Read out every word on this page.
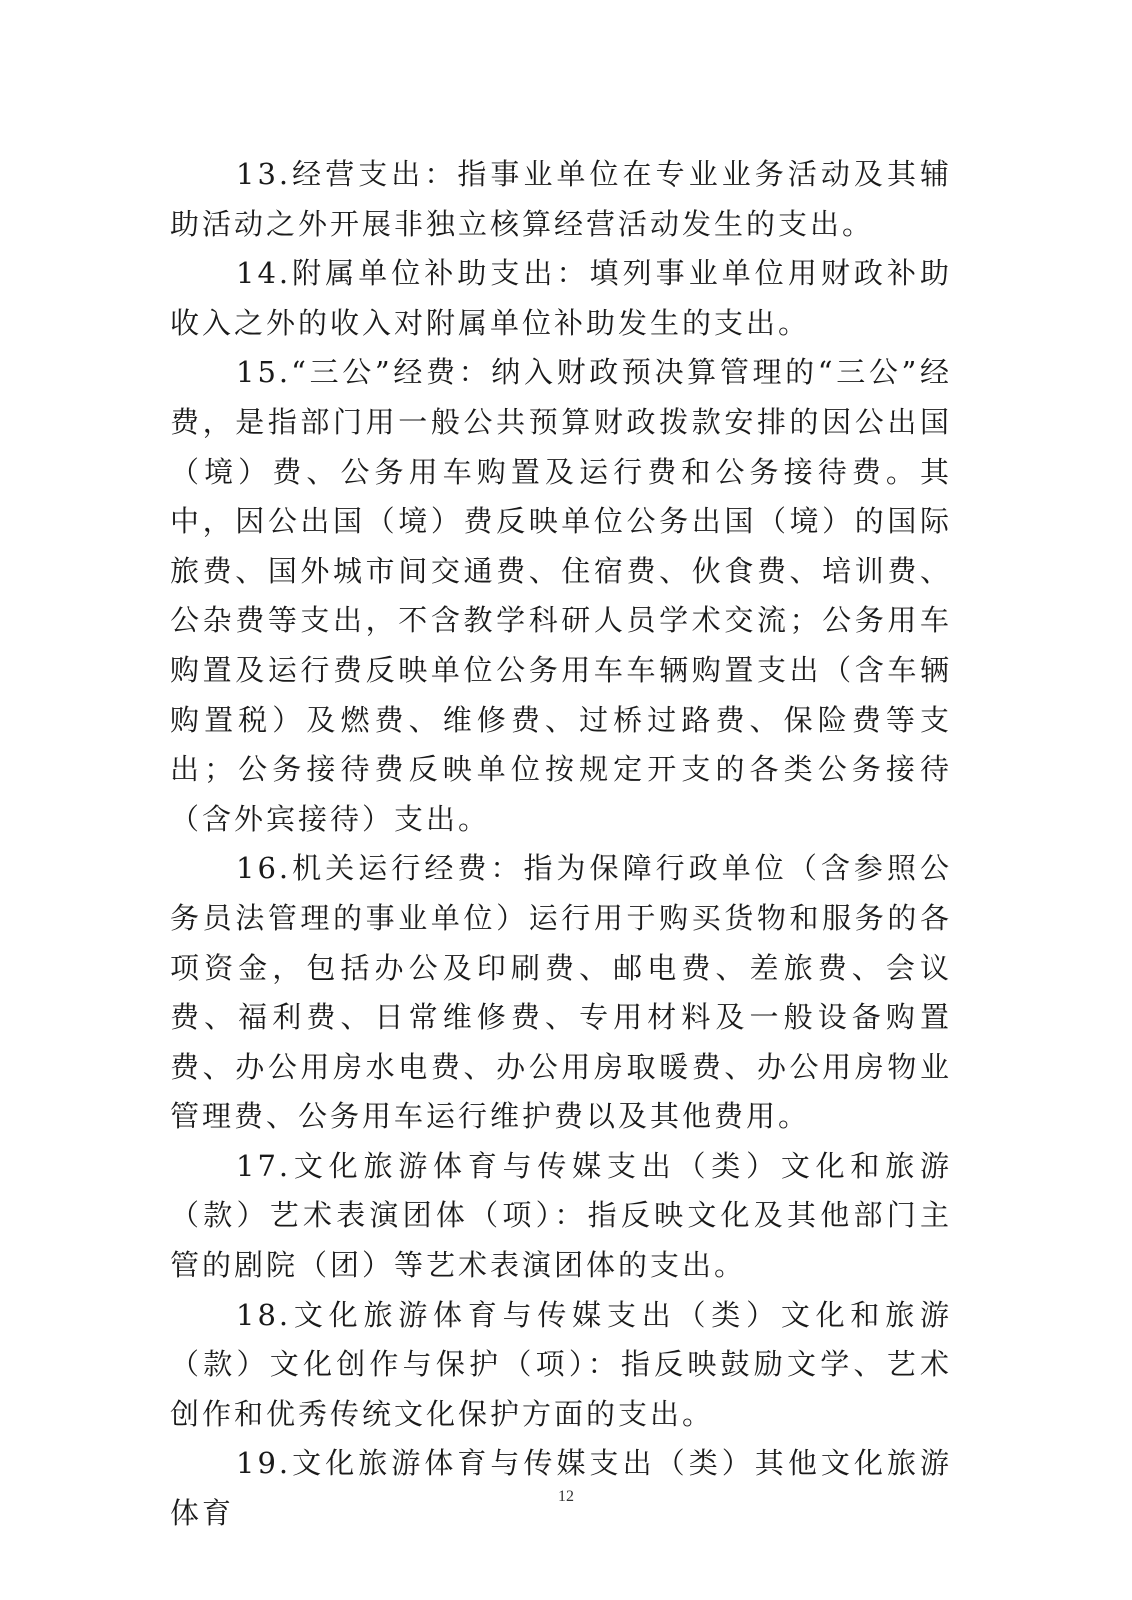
13.经营支出：指事业单位在专业业务活动及其辅助活动之外开展非独立核算经营活动发生的支出。

14.附属单位补助支出：填列事业单位用财政补助收入之外的收入对附属单位补助发生的支出。

15.“三公”经费：纳入财政预决算管理的“三公”经费，是指部门用一般公共预算财政拨款安排的因公出国（境）费、公务用车购置及运行费和公务接待费。其中，因公出国（境）费反映单位公务出国（境）的国际旅费、国外城市间交通费、住宿费、伙食费、培训费、公杂费等支出，不含教学科研人员学术交流；公务用车购置及运行费反映单位公务用车车辆购置支出（含车辆购置税）及燃费、维修费、过桥过路费、保险费等支出；公务接待费反映单位按规定开支的各类公务接待（含外宾接待）支出。

16.机关运行经费：指为保障行政单位（含参照公务员法管理的事业单位）运行用于购买货物和服务的各项资金，包括办公及印刷费、邮电费、差旅费、会议费、福利费、日常维修费、专用材料及一般设备购置费、办公用房水电费、办公用房取暖费、办公用房物业管理费、公务用车运行维护费以及其他费用。

17.文化旅游体育与传媒支出（类）文化和旅游（款）艺术表演团体（项）：指反映文化及其他部门主管的剧院（团）等艺术表演团体的支出。

18.文化旅游体育与传媒支出（类）文化和旅游（款）文化创作与保护（项）：指反映鼓励文学、艺术创作和优秀传统文化保护方面的支出。

19.文化旅游体育与传媒支出（类）其他文化旅游体育	12
